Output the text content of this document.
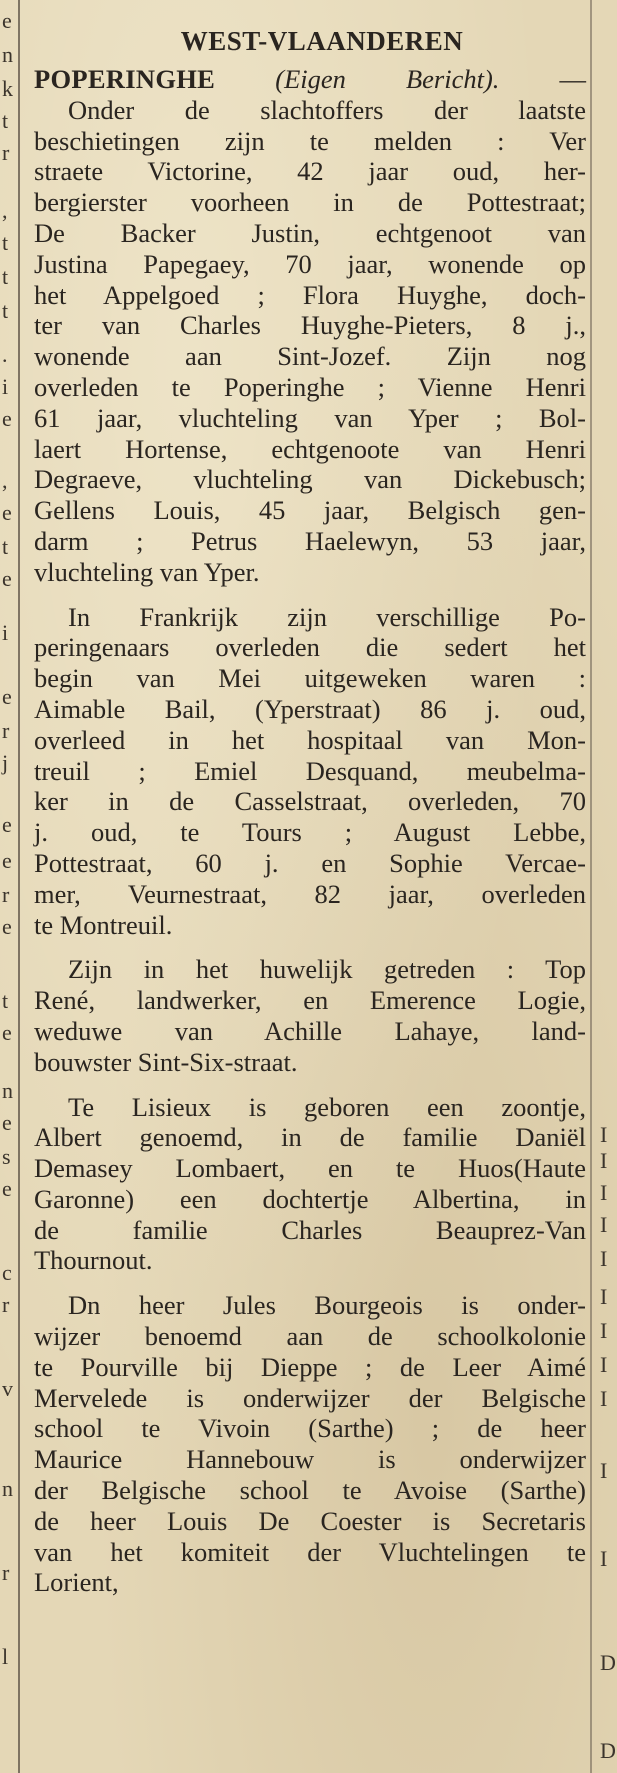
e
n
k
t
r
,
t
t
t
.
i
e
,
e
t
e
i
e
r
j
e
e
r
e
t
e
n
e
s
e
c
r
v
n
r
l
I
I
I
I
I
I
I
I
I
I
I
D
D
WEST-VLAANDEREN
POPERINGHE (Eigen Bericht). —
Onder de slachtoffers der laatste
beschietingen zijn te melden : Ver
straete Victorine, 42 jaar oud, her-
bergierster voorheen in de Pottestraat;
De Backer Justin, echtgenoot van
Justina Papegaey, 70 jaar, wonende op
het Appelgoed ; Flora Huyghe, doch-
ter van Charles Huyghe-Pieters, 8 j.,
wonende aan Sint-Jozef. Zijn nog
overleden te Poperinghe ; Vienne Henri
61 jaar, vluchteling van Yper ; Bol-
laert Hortense, echtgenoote van Henri
Degraeve, vluchteling van Dickebusch;
Gellens Louis, 45 jaar, Belgisch gen-
darm ; Petrus Haelewyn, 53 jaar,
vluchteling van Yper.
In Frankrijk zijn verschillige Po-
peringenaars overleden die sedert het
begin van Mei uitgeweken waren :
Aimable Bail, (Yperstraat) 86 j. oud,
overleed in het hospitaal van Mon-
treuil ; Emiel Desquand, meubelma-
ker in de Casselstraat, overleden, 70
j. oud, te Tours ; August Lebbe,
Pottestraat, 60 j. en Sophie Vercae-
mer, Veurnestraat, 82 jaar, overleden
te Montreuil.
Zijn in het huwelijk getreden : Top
René, landwerker, en Emerence Logie,
weduwe van Achille Lahaye, land-
bouwster Sint-Six-straat.
Te Lisieux is geboren een zoontje,
Albert genoemd, in de familie Daniël
Demasey Lombaert, en te Huos(Haute
Garonne) een dochtertje Albertina, in
de familie Charles Beauprez-Van
Thournout.
Dn heer Jules Bourgeois is onder-
wijzer benoemd aan de schoolkolonie
te Pourville bij Dieppe ; de Leer Aimé
Mervelede is onderwijzer der Belgische
school te Vivoin (Sarthe) ; de heer
Maurice Hannebouw is onderwijzer
der Belgische school te Avoise (Sarthe)
de heer Louis De Coester is Secretaris
van het komiteit der Vluchtelingen te
Lorient,
